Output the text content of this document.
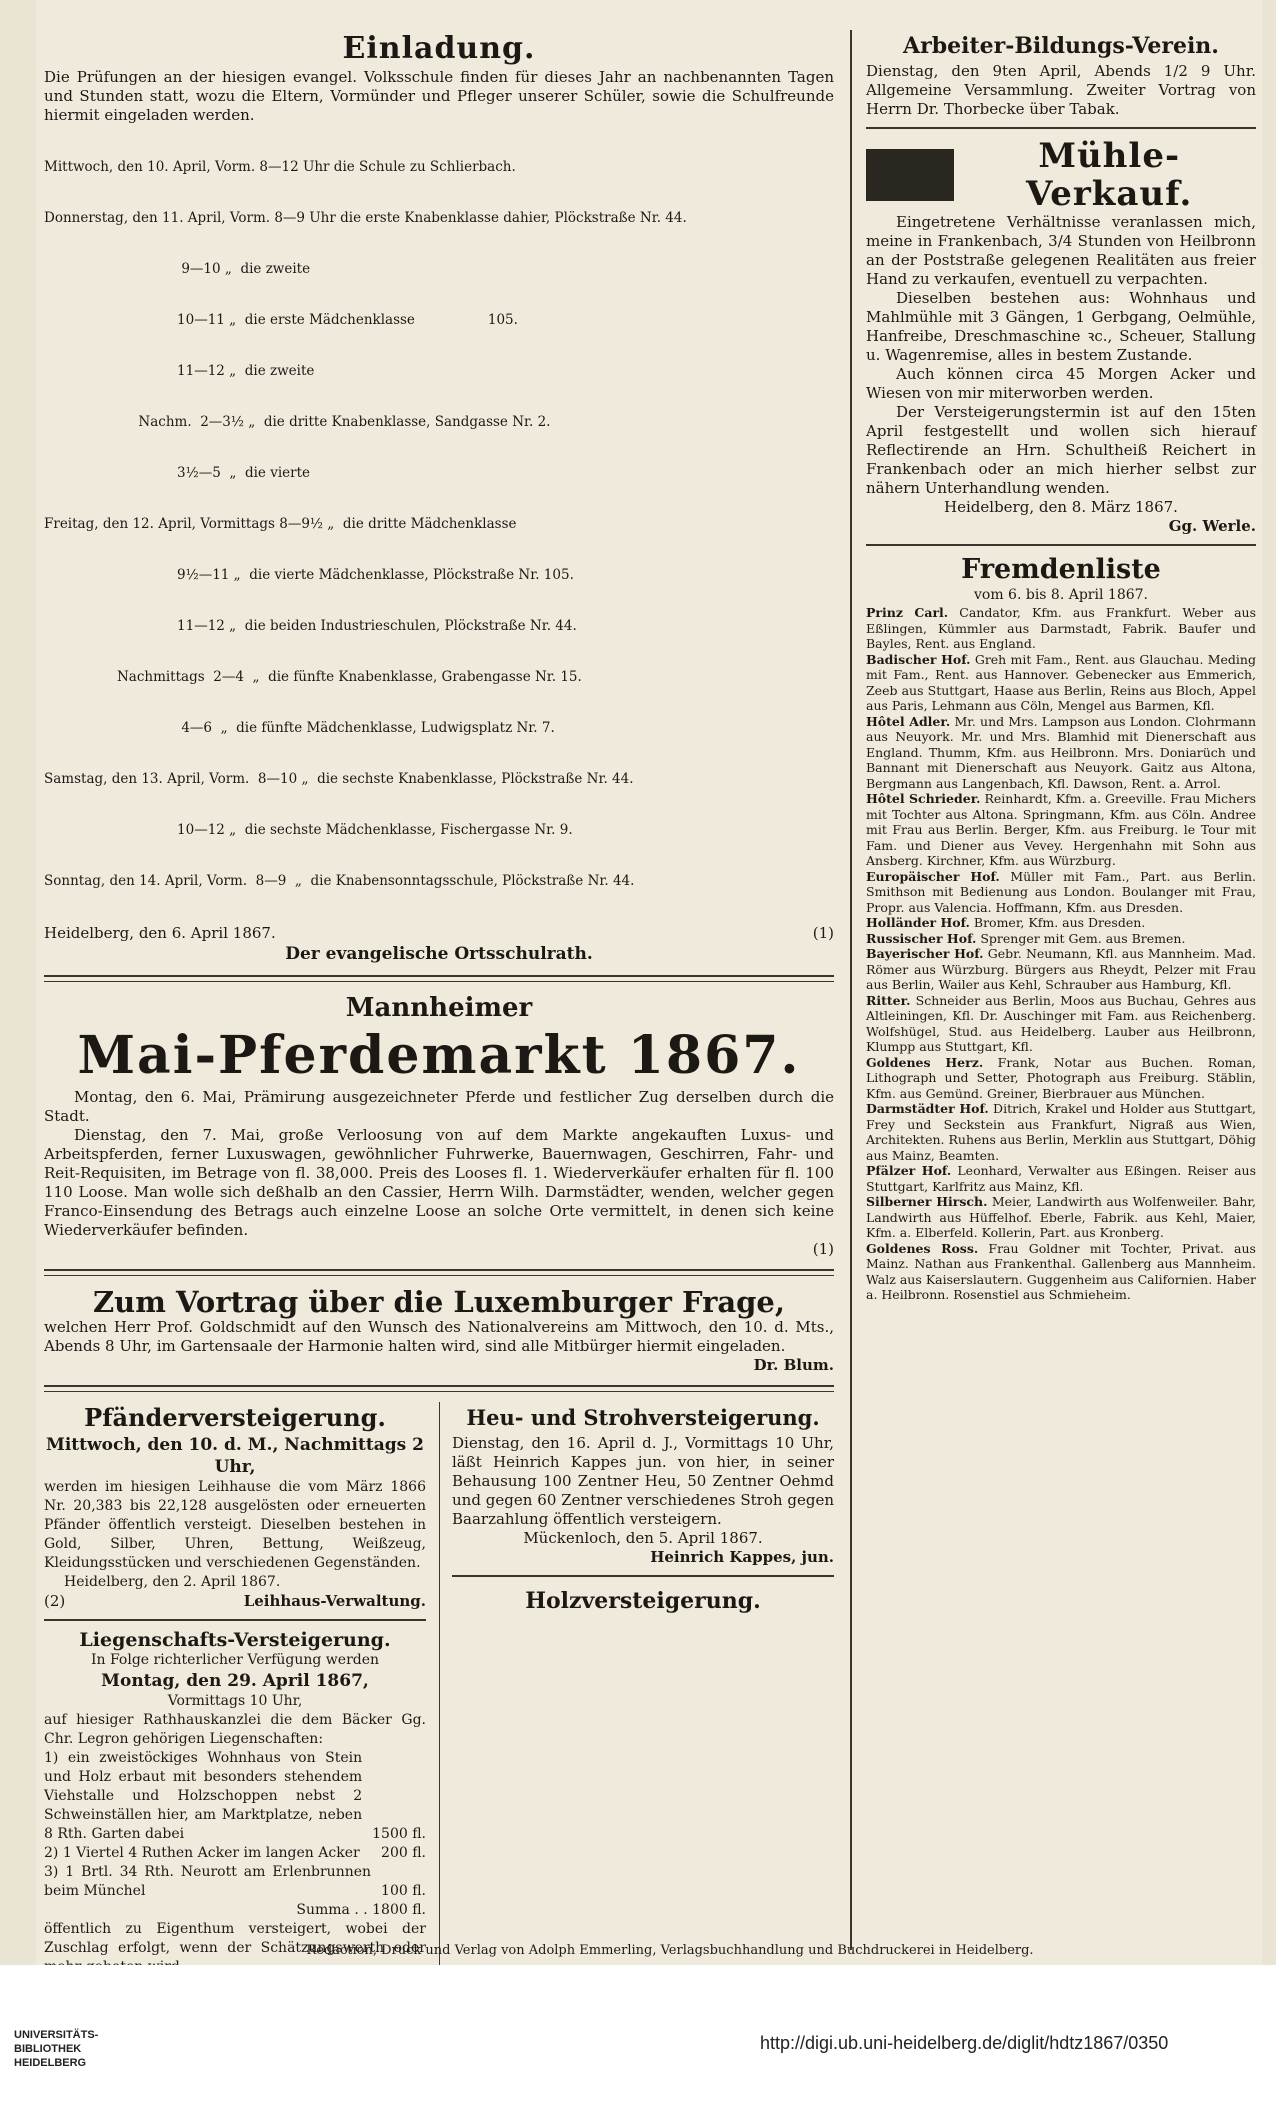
Einladung.

Die Prüfungen an der hiesigen evangel. Volksschule finden für dieses Jahr an nachbenannten Tagen und Stunden statt, wozu die Eltern, Vormünder und Pfleger unserer Schüler, sowie die Schulfreunde hiermit eingeladen werden.

Mittwoch, den 10. April, Vorm. 8—12 Uhr die Schule zu Schlierbach.

Donnerstag, den 11. April, Vorm. 8—9 Uhr die erste Knabenklasse dahier, Plöckstraße Nr. 44.

9—10 „  die zweite

10—11 „  die erste Mädchenklasse                 105.

11—12 „  die zweite

Nachm.  2—3½ „  die dritte Knabenklasse, Sandgasse Nr. 2.

3½—5  „  die vierte

Freitag, den 12. April, Vormittags 8—9½ „  die dritte Mädchenklasse

9½—11 „  die vierte Mädchenklasse, Plöckstraße Nr. 105.

11—12 „  die beiden Industrieschulen, Plöckstraße Nr. 44.

Nachmittags  2—4  „  die fünfte Knabenklasse, Grabengasse Nr. 15.

4—6  „  die fünfte Mädchenklasse, Ludwigsplatz Nr. 7.

Samstag, den 13. April, Vorm.  8—10 „  die sechste Knabenklasse, Plöckstraße Nr. 44.

10—12 „  die sechste Mädchenklasse, Fischergasse Nr. 9.

Sonntag, den 14. April, Vorm.  8—9  „  die Knabensonntagsschule, Plöckstraße Nr. 44.

Heidelberg, den 6. April 1867.	(1)
Der evangelische Ortsschulrath.
Mannheimer
Mai-Pferdemarkt 1867.

Montag, den 6. Mai, Prämirung ausgezeichneter Pferde und festlicher Zug derselben durch die Stadt.

Dienstag, den 7. Mai, große Verloosung von auf dem Markte angekauften Luxus- und Arbeitspferden, ferner Luxuswagen, gewöhnlicher Fuhrwerke, Bauernwagen, Geschirren, Fahr- und Reit-Requisiten, im Betrage von fl. 38,000. Preis des Looses fl. 1. Wiederverkäufer erhalten für fl. 100 110 Loose. Man wolle sich deßhalb an den Cassier, Herrn Wilh. Darmstädter, wenden, welcher gegen Franco-Einsendung des Betrags auch einzelne Loose an solche Orte vermittelt, in denen sich keine Wiederverkäufer befinden.

(1)
Zum Vortrag über die Luxemburger Frage,

welchen Herr Prof. Goldschmidt auf den Wunsch des Nationalvereins am Mittwoch, den 10. d. Mts., Abends 8 Uhr, im Gartensaale der Harmonie halten wird, sind alle Mitbürger hiermit eingeladen.

Dr. Blum.
Pfänderversteigerung.
Mittwoch, den 10. d. M., Nachmittags 2 Uhr,

werden im hiesigen Leihhause die vom März 1866 Nr. 20,383 bis 22,128 ausgelösten oder erneuerten Pfänder öffentlich versteigt. Dieselben bestehen in Gold, Silber, Uhren, Bettung, Weißzeug, Kleidungsstücken und verschiedenen Gegenständen.

Heidelberg, den 2. April 1867.
(2)	Leihhaus-Verwaltung.
Liegenschafts-Versteigerung.
In Folge richterlicher Verfügung werden
Montag, den 29. April 1867,
Vormittags 10 Uhr,

auf hiesiger Rathhauskanzlei die dem Bäcker Gg. Chr. Legron gehörigen Liegenschaften:

1) ein zweistöckiges Wohnhaus von Stein und Holz erbaut mit besonders stehendem Viehstalle und Holzschoppen nebst 2 Schweinställen hier, am Marktplatze, neben 8 Rth. Garten dabei	1500 fl.
2) 1 Viertel 4 Ruthen Acker im langen Acker 200 fl.
3) 1 Brtl. 34 Rth. Neurott am Erlenbrunnen beim Münchel	100 fl.
Summa . . 1800 fl.

öffentlich zu Eigenthum versteigert, wobei der Zuschlag erfolgt, wenn der Schätzungswerth oder

Heu- und Strohversteigerung.

Dienstag, den 16. April d. J., Vormittags 10 Uhr, läßt Heinrich Kappes jun. von hier, in seiner Behausung 100 Zentner Heu, 50 Zentner Oehmd und gegen 60 Zentner verschiedenes Stroh gegen Baarzahlung öffentlich versteigern.

Mückenloch, den 5. April 1867.
Heinrich Kappes, jun.
Holzversteigerung.
Arbeiter-Bildungs-Verein.

Dienstag, den 9ten April, Abends 1/2 9 Uhr. Allgemeine Versammlung. Zweiter Vortrag von Herrn Dr. Thorbecke über Tabak.

Mühle-Verkauf.

Eingetretene Verhältnisse veranlassen mich, meine in Frankenbach, 3/4 Stunden von Heilbronn an der Poststraße gelegenen Realitäten aus freier Hand zu verkaufen, eventuell zu verpachten.

Dieselben bestehen aus: Wohnhaus und Mahlmühle mit 3 Gängen, 1 Gerbgang, Oelmühle, Hanfreibe, Dreschmaschine ꝛc., Scheuer, Stallung u. Wagenremise, alles in bestem Zustande.

Auch können circa 45 Morgen Acker und Wiesen von mir miterworben werden.

Der Versteigerungstermin ist auf den 15ten April festgestellt und wollen sich hierauf Reflectirende an Hrn. Schultheiß Reichert in Frankenbach oder an mich hierher selbst zur nähern Unterhandlung wenden.

Heidelberg, den 8. März 1867.
Gg. Werle.
Fremdenliste
vom 6. bis 8. April 1867.

Prinz Carl. Candator, Kfm. aus Frankfurt. Weber aus Eßlingen, Kümmler aus Darmstadt, Fabrik. Baufer und Bayles, Rent. aus England.

Badischer Hof. Greh mit Fam., Rent. aus Glauchau. Meding mit Fam., Rent. aus Hannover. Gebenecker aus Emmerich, Zeeb aus Stuttgart, Haase aus Berlin, Reins aus Bloch, Appel aus Paris, Lehmann aus Cöln, Mengel aus Barmen, Kfl.

Hôtel Adler. Mr. und Mrs. Lampson aus London. Clohrmann aus Neuyork. Mr. und Mrs. Blamhid mit Dienerschaft aus England. Thumm, Kfm. aus Heilbronn. Mrs. Doniarüch und Bannant mit Dienerschaft aus Neuyork. Gaitz aus Altona, Bergmann aus Langenbach, Kfl. Dawson, Rent. a. Arrol.

Hôtel Schrieder. Reinhardt, Kfm. a. Greeville. Frau Michers mit Tochter aus Altona. Springmann, Kfm. aus Cöln. Andree mit Frau aus Berlin. Berger, Kfm. aus Freiburg. le Tour mit Fam. und Diener aus Vevey. Hergenhahn mit Sohn aus Ansberg. Kirchner, Kfm. aus Würzburg.

Europäischer Hof. Müller mit Fam., Part. aus Berlin. Smithson mit Bedienung aus London. Boulanger mit Frau, Propr. aus Valencia. Hoffmann, Kfm. aus Dresden.

Holländer Hof. Bromer, Kfm. aus Dresden.

Russischer Hof. Sprenger mit Gem. aus Bremen.

Bayerischer Hof. Gebr. Neumann, Kfl. aus Mannheim. Mad. Römer aus Würzburg. Bürgers aus Rheydt, Pelzer mit Frau aus Berlin, Wailer aus Kehl, Schrauber aus Hamburg, Kfl.

Ritter. Schneider aus Berlin, Moos aus Buchau, Gehres aus Altleiningen, Kfl. Dr. Auschinger mit Fam. aus Reichenberg. Wolfshügel, Stud. aus Heidelberg. Lauber aus Heilbronn, Klumpp aus Stuttgart, Kfl.

Goldenes Herz. Frank, Notar aus Buchen. Roman, Lithograph und Setter, Photograph aus Freiburg. Stäblin, Kfm. aus Gemünd. Greiner, Bierbrauer aus München.

Darmstädter Hof. Ditrich, Krakel und Holder aus Stuttgart, Frey und Seckstein aus Frankfurt, Nigraß aus Wien, Architekten. Ruhens aus Berlin, Merklin aus Stuttgart, Döhig aus Mainz, Beamten.

Pfälzer Hof. Leonhard, Verwalter aus Eßingen. Reiser aus Stuttgart, Karlfritz aus Mainz, Kfl.

Silberner Hirsch. Meier, Landwirth aus Wolfenweiler. Bahr, Landwirth aus Hüffelhof. Eberle, Fabrik. aus Kehl, Maier, Kfm. a. Elberfeld. Kollerin, Part. aus Kronberg.

Goldenes Ross. Frau Goldner mit Tochter, Privat. aus Mainz. Nathan aus Frankenthal. Gallenberg aus Mannheim. Walz aus Kaiserslautern. Guggenheim aus Californien. Haber a. Heilbronn. Rosenstiel aus Schmieheim.

Redaction, Druck und Verlag von Adolph Emmerling, Verlagsbuchhandlung und Buchdruckerei in Heidelberg.
UNIVERSITÄTS-
BIBLIOTHEK
HEIDELBERG
http://digi.ub.uni-heidelberg.de/diglit/hdtz1867/0350
